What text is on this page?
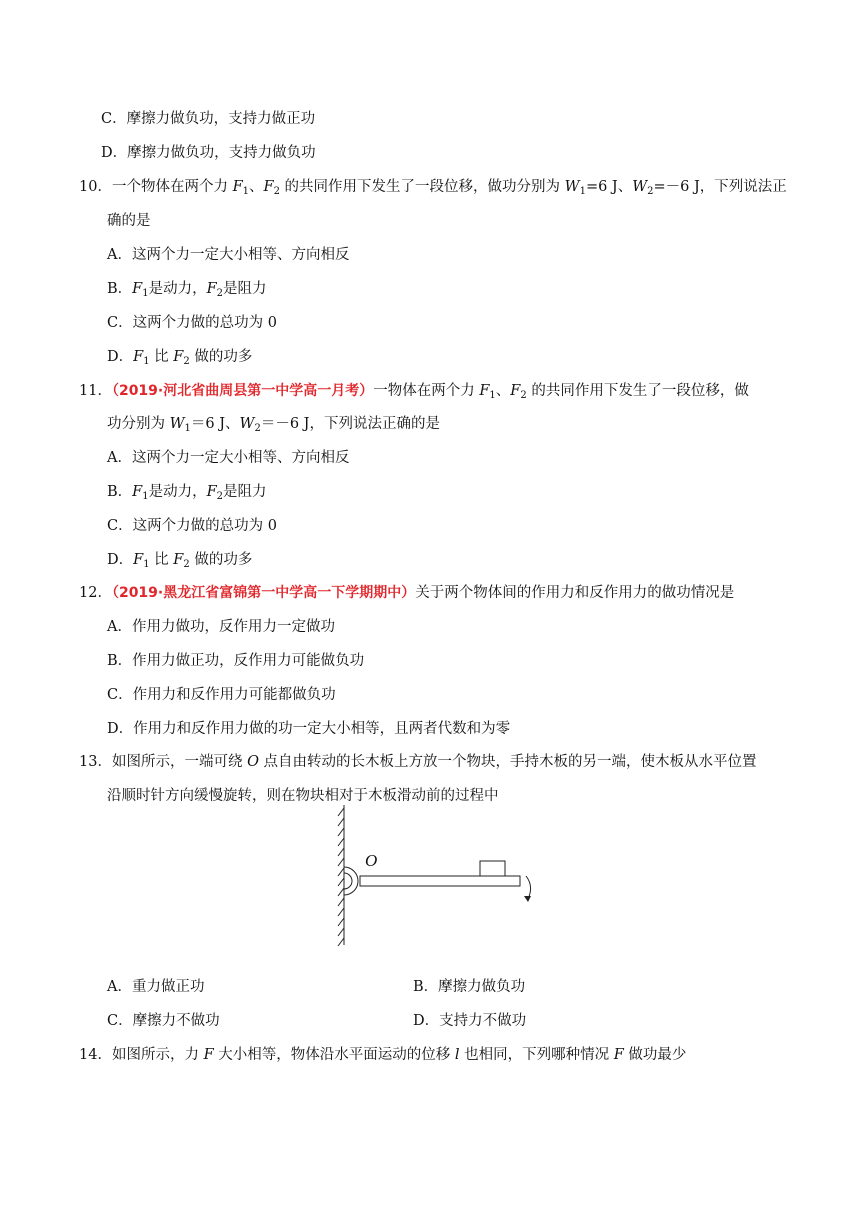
C．摩擦力做负功，支持力做正功
D．摩擦力做负功，支持力做负功
10．一个物体在两个力 $F_1$、$F_2$ 的共同作用下发生了一段位移，做功分别为 $W_1=6$ J、$W_2=-6$ J，下列说法正
确的是
A．这两个力一定大小相等、方向相反
B．$F_1$是动力，$F_2$是阻力
C．这两个力做的总功为 0
D．$F_1$ 比 $F_2$ 做的功多
11．（2019·河北省曲周县第一中学高一月考）一物体在两个力 $F_1$、$F_2$ 的共同作用下发生了一段位移，做
功分别为 $W_1=6$ J、$W_2=-6$ J，下列说法正确的是
A．这两个力一定大小相等、方向相反
B．$F_1$是动力，$F_2$是阻力
C．这两个力做的总功为 0
D．$F_1$ 比 $F_2$ 做的功多
12．（2019·黑龙江省富锦第一中学高一下学期期中）关于两个物体间的作用力和反作用力的做功情况是
A．作用力做功，反作用力一定做功
B．作用力做正功，反作用力可能做负功
C．作用力和反作用力可能都做负功
D．作用力和反作用力做的功一定大小相等，且两者代数和为零
13．如图所示，一端可绕 O 点自由转动的长木板上方放一个物块，手持木板的另一端，使木板从水平位置
沿顺时针方向缓慢旋转，则在物块相对于木板滑动前的过程中
O
A．重力做正功	B．摩擦力做负功
C．摩擦力不做功	D．支持力不做功
14．如图所示，力 F 大小相等，物体沿水平面运动的位移 l 也相同，下列哪种情况 F 做功最少
